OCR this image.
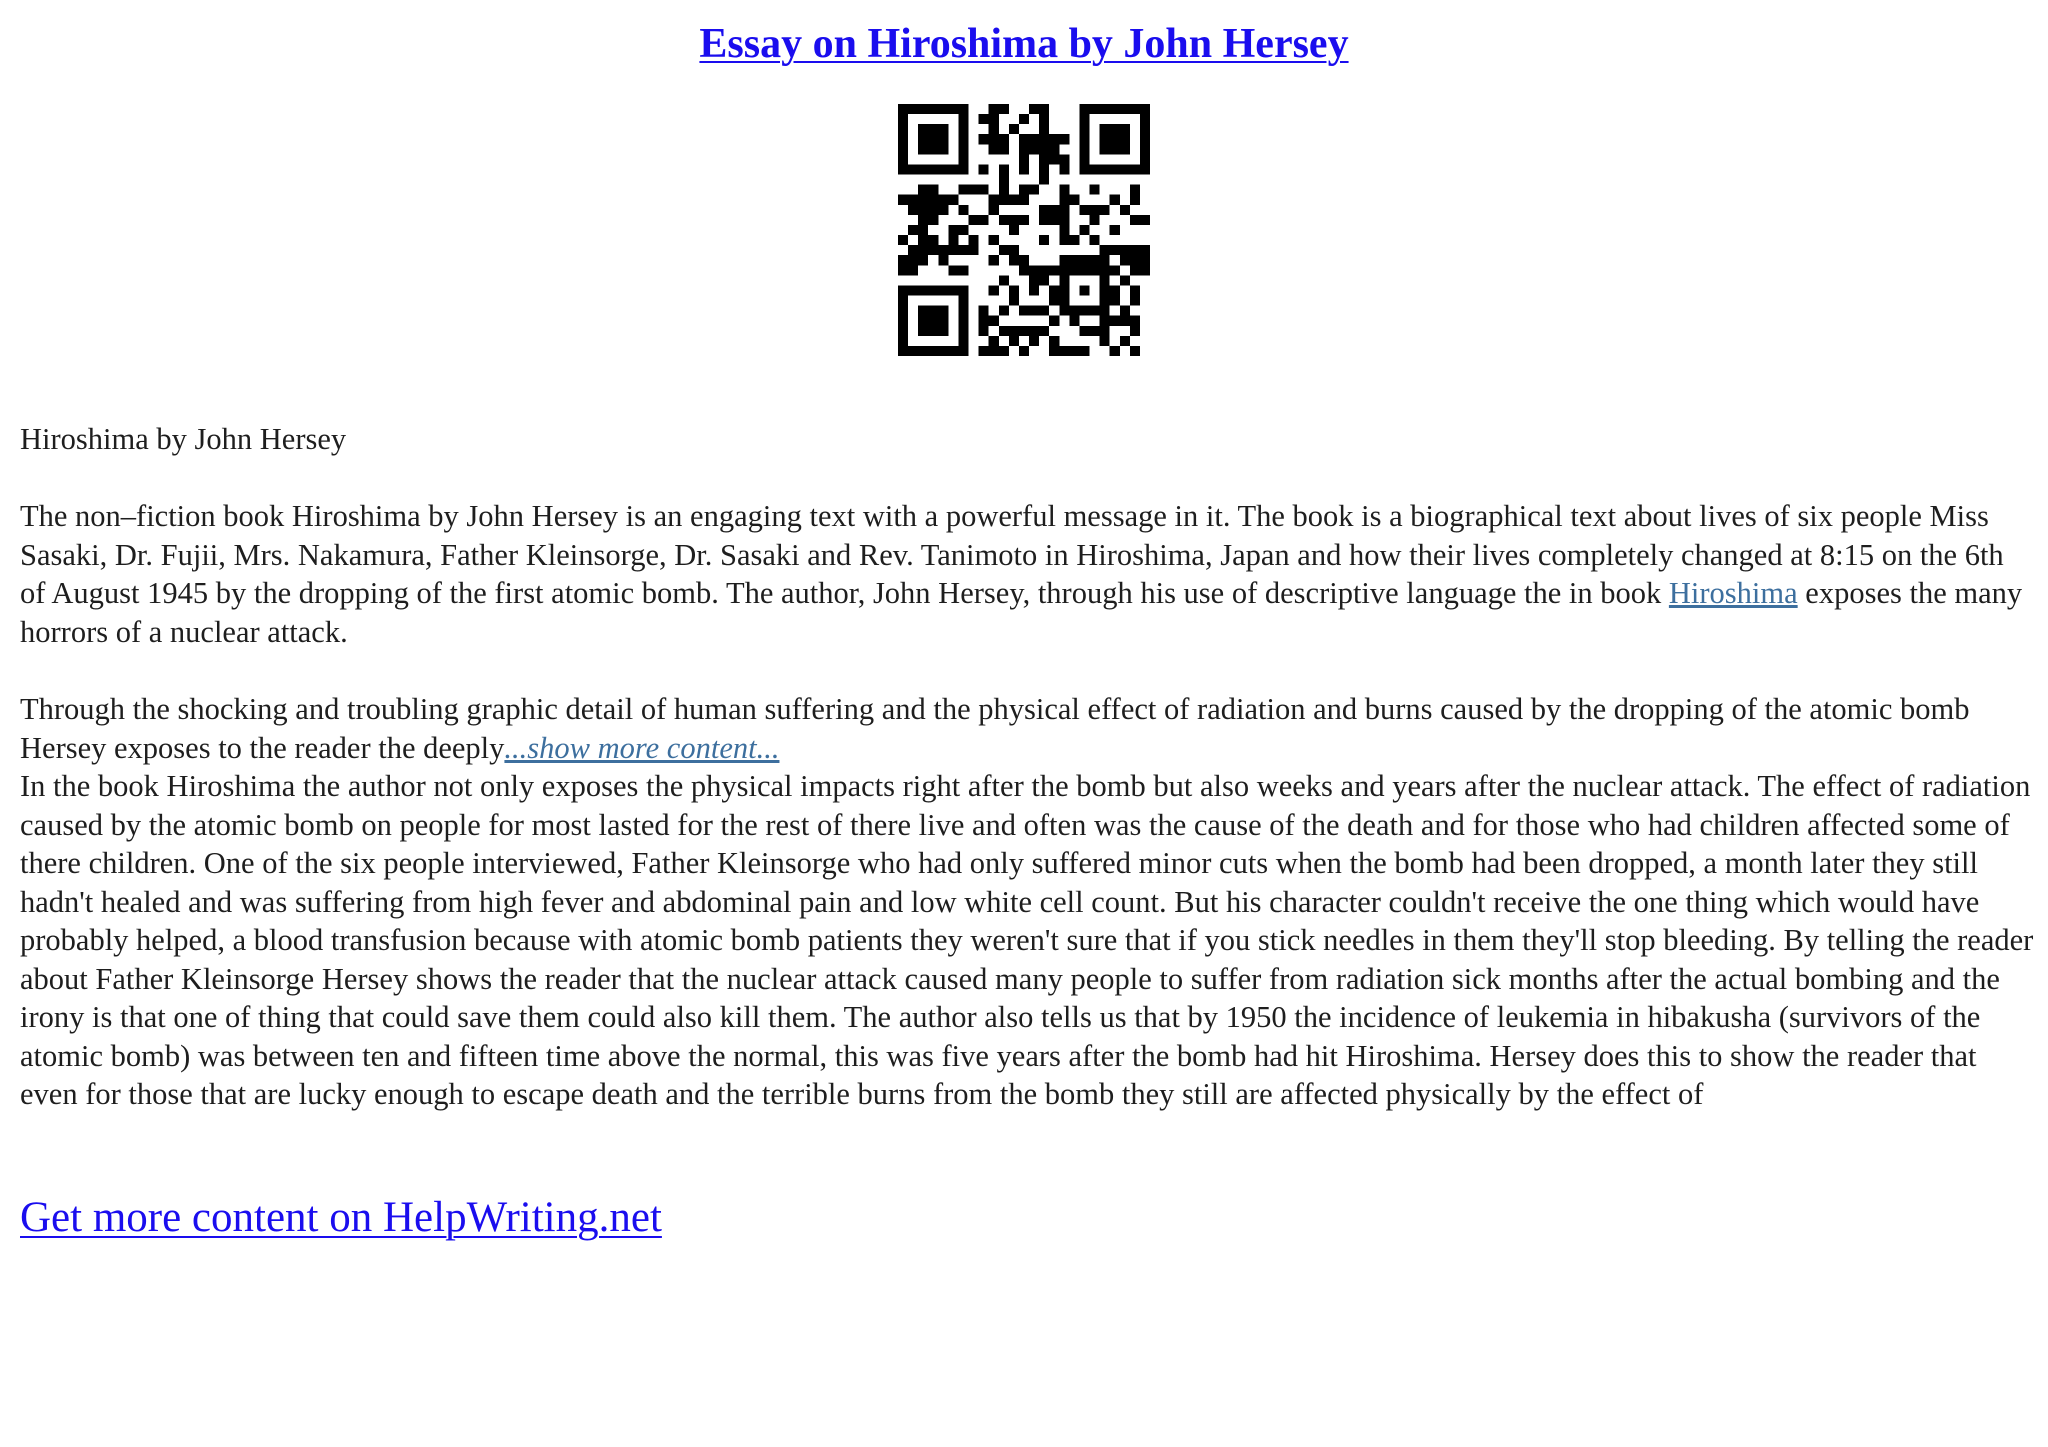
Essay on Hiroshima by John Hersey

Hiroshima by John Hersey

The non–fiction book Hiroshima by John Hersey is an engaging text with a powerful message in it. The book is a biographical text about lives of six people Miss Sasaki, Dr. Fujii, Mrs. Nakamura, Father Kleinsorge, Dr. Sasaki and Rev. Tanimoto in Hiroshima, Japan and how their lives completely changed at 8:15 on the 6th of August 1945 by the dropping of the first atomic bomb. The author, John Hersey, through his use of descriptive language the in book Hiroshima exposes the many horrors of a nuclear attack.

Through the shocking and troubling graphic detail of human suffering and the physical effect of radiation and burns caused by the dropping of the atomic bomb Hersey exposes to the reader the deeply...show more content...

In the book Hiroshima the author not only exposes the physical impacts right after the bomb but also weeks and years after the nuclear attack. The effect of radiation caused by the atomic bomb on people for most lasted for the rest of there live and often was the cause of the death and for those who had children affected some of there children. One of the six people interviewed, Father Kleinsorge who had only suffered minor cuts when the bomb had been dropped, a month later they still hadn't healed and was suffering from high fever and abdominal pain and low white cell count. But his character couldn't receive the one thing which would have probably helped, a blood transfusion because with atomic bomb patients they weren't sure that if you stick needles in them they'll stop bleeding. By telling the reader about Father Kleinsorge Hersey shows the reader that the nuclear attack caused many people to suffer from radiation sick months after the actual bombing and the irony is that one of thing that could save them could also kill them. The author also tells us that by 1950 the incidence of leukemia in hibakusha (survivors of the atomic bomb) was between ten and fifteen time above the normal, this was five years after the bomb had hit Hiroshima. Hersey does this to show the reader that even for those that are lucky enough to escape death and the terrible burns from the bomb they still are affected physically by the effect of

Get more content on HelpWriting.net
